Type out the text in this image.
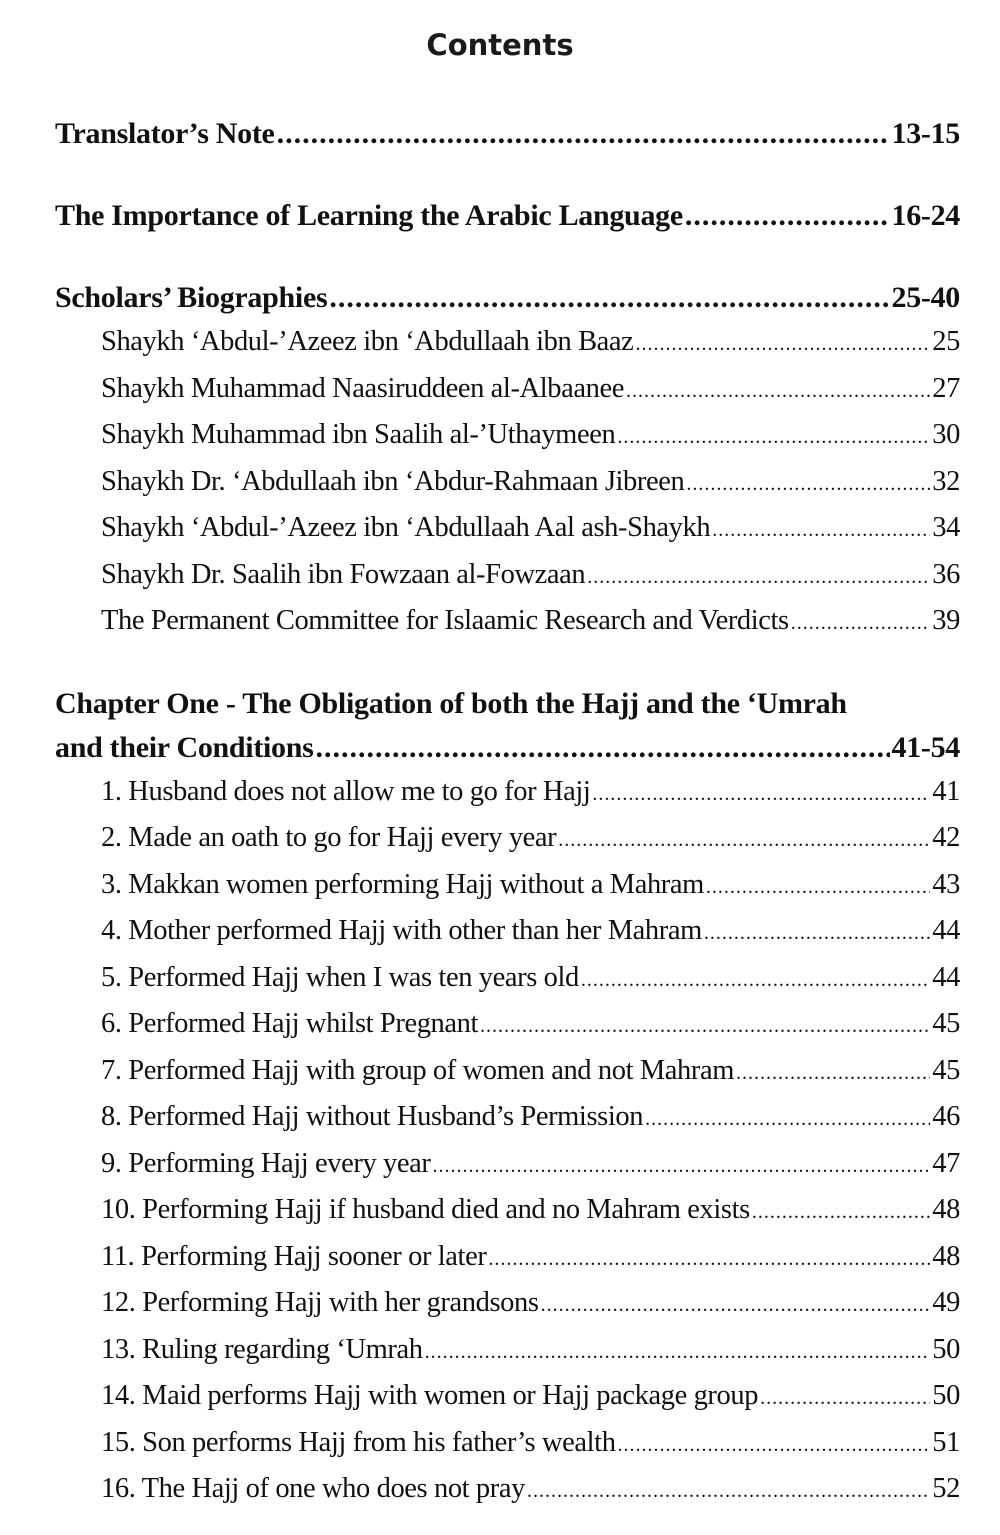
Contents
Translator’s Note .....	13-15
The Importance of Learning the Arabic Language .....	16-24
Scholars’ Biographies .....	25-40
Shaykh ‘Abdul-’Azeez ibn ‘Abdullaah ibn Baaz .....	25
Shaykh Muhammad Naasiruddeen al-Albaanee .....	27
Shaykh Muhammad ibn Saalih al-’Uthaymeen .....	30
Shaykh Dr. ‘Abdullaah ibn ‘Abdur-Rahmaan Jibreen .....	32
Shaykh ‘Abdul-’Azeez ibn ‘Abdullaah Aal ash-Shaykh .....	34
Shaykh Dr. Saalih ibn Fowzaan al-Fowzaan .....	36
The Permanent Committee for Islaamic Research and Verdicts .....	39
Chapter One - The Obligation of both the Hajj and the ‘Umrah
and their Conditions .....	41-54
1. Husband does not allow me to go for Hajj .....	41
2. Made an oath to go for Hajj every year .....	42
3. Makkan women performing Hajj without a Mahram .....	43
4. Mother performed Hajj with other than her Mahram .....	44
5. Performed Hajj when I was ten years old .....	44
6. Performed Hajj whilst Pregnant .....	45
7. Performed Hajj with group of women and not Mahram .....	45
8. Performed Hajj without Husband’s Permission .....	46
9. Performing Hajj every year .....	47
10. Performing Hajj if husband died and no Mahram exists .....	48
11. Performing Hajj sooner or later .....	48
12. Performing Hajj with her grandsons .....	49
13. Ruling regarding ‘Umrah .....	50
14. Maid performs Hajj with women or Hajj package group .....	50
15. Son performs Hajj from his father’s wealth .....	51
16. The Hajj of one who does not pray .....	52
